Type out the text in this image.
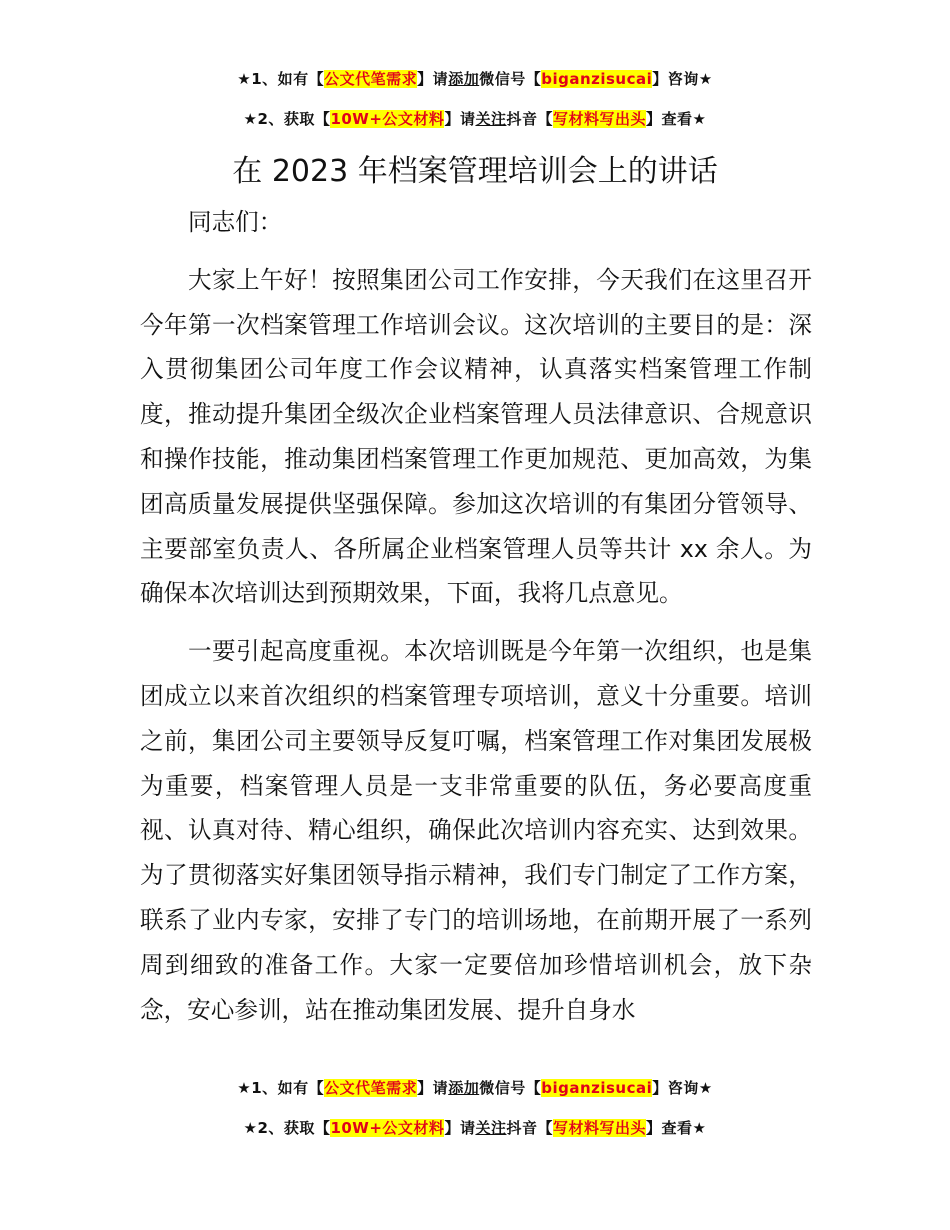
★1、如有【公文代笔需求】请添加微信号【biganzisucai】咨询★
★2、获取【10W+公文材料】请关注抖音【写材料写出头】查看★
在 2023 年档案管理培训会上的讲话

同志们：

大家上午好！按照集团公司工作安排，今天我们在这里召开今年第一次档案管理工作培训会议。这次培训的主要目的是：深入贯彻集团公司年度工作会议精神，认真落实档案管理工作制度，推动提升集团全级次企业档案管理人员法律意识、合规意识和操作技能，推动集团档案管理工作更加规范、更加高效，为集团高质量发展提供坚强保障。参加这次培训的有集团分管领导、主要部室负责人、各所属企业档案管理人员等共计 xx 余人。为确保本次培训达到预期效果，下面，我将几点意见。

一要引起高度重视。本次培训既是今年第一次组织，也是集团成立以来首次组织的档案管理专项培训，意义十分重要。培训之前，集团公司主要领导反复叮嘱，档案管理工作对集团发展极为重要，档案管理人员是一支非常重要的队伍，务必要高度重视、认真对待、精心组织，确保此次培训内容充实、达到效果。为了贯彻落实好集团领导指示精神，我们专门制定了工作方案，联系了业内专家，安排了专门的培训场地，在前期开展了一系列周到细致的准备工作。大家一定要倍加珍惜培训机会，放下杂念，安心参训，站在推动集团发展、提升自身水

★1、如有【公文代笔需求】请添加微信号【biganzisucai】咨询★
★2、获取【10W+公文材料】请关注抖音【写材料写出头】查看★
